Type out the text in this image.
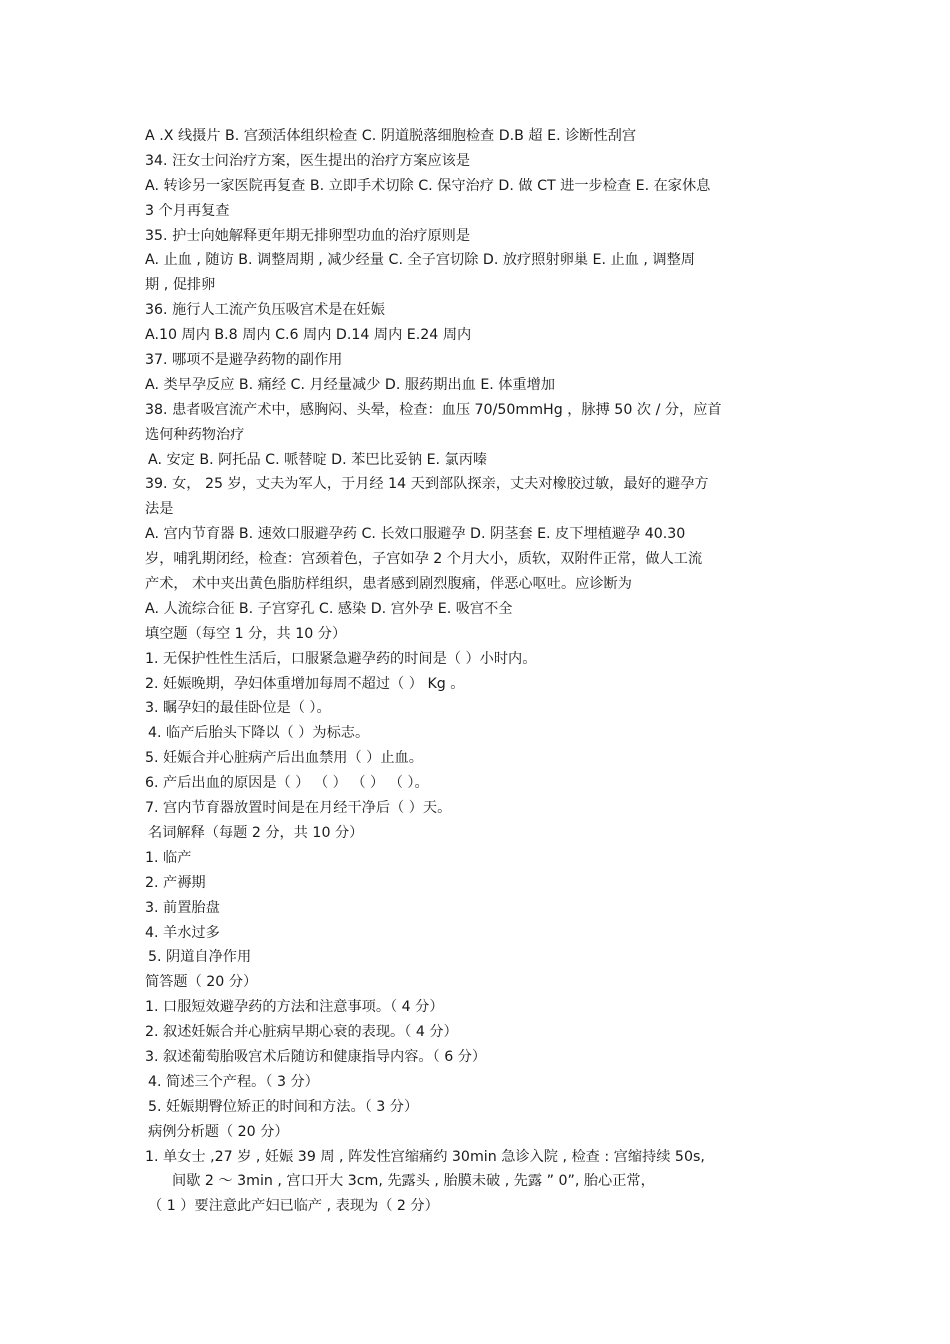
A .X 线摄片 B. 宫颈活体组织检查 C. 阴道脱落细胞检查 D.B 超 E. 诊断性刮宫
34. 汪女士问治疗方案，医生提出的治疗方案应该是
A. 转诊另一家医院再复查 B. 立即手术切除 C. 保守治疗 D. 做 CT 进一步检查 E. 在家休息
3 个月再复查
35. 护士向她解释更年期无排卵型功血的治疗原则是
A. 止血 , 随访 B. 调整周期 , 减少经量 C. 全子宫切除 D. 放疗照射卵巢 E. 止血 , 调整周
期 , 促排卵
36. 施行人工流产负压吸宫术是在妊娠
A.10 周内 B.8 周内 C.6 周内 D.14 周内 E.24 周内
37. 哪项不是避孕药物的副作用
A. 类早孕反应 B. 痛经 C. 月经量减少 D. 服药期出血 E. 体重增加
38. 患者吸宫流产术中，感胸闷、头晕，检查：血压 70/50mmHg ，脉搏 50 次 / 分，应首
选何种药物治疗
A. 安定 B. 阿托品 C. 哌替啶 D. 苯巴比妥钠 E. 氯丙嗪
39. 女， 25 岁，丈夫为军人，于月经 14 天到部队探亲，丈夫对橡胶过敏，最好的避孕方
法是
A. 宫内节育器 B. 速效口服避孕药 C. 长效口服避孕 D. 阴茎套 E. 皮下埋植避孕 40.30
岁，哺乳期闭经，检查：宫颈着色，子宫如孕 2 个月大小，质软，双附件正常，做人工流
产术， 术中夹出黄色脂肪样组织，患者感到剧烈腹痛，伴恶心呕吐。应诊断为
A. 人流综合征 B. 子宫穿孔 C. 感染 D. 宫外孕 E. 吸宫不全
填空题（每空 1 分，共 10 分）
1. 无保护性性生活后，口服紧急避孕药的时间是（ ）小时内。
2. 妊娠晚期，孕妇体重增加每周不超过（ ） Kg 。
3. 瞩孕妇的最佳卧位是（ ）。
4. 临产后胎头下降以（ ）为标志。
5. 妊娠合并心脏病产后出血禁用（ ）止血。
6. 产后出血的原因是（ ） （ ） （ ） （ ）。
7. 宫内节育器放置时间是在月经干净后（ ）天。
名词解释（每题 2 分，共 10 分）
1. 临产
2. 产褥期
3. 前置胎盘
4. 羊水过多
5. 阴道自净作用
简答题（ 20 分）
1. 口服短效避孕药的方法和注意事项。（ 4 分）
2. 叙述妊娠合并心脏病早期心衰的表现。（ 4 分）
3. 叙述葡萄胎吸宫术后随访和健康指导内容。（ 6 分）
4. 简述三个产程。（ 3 分）
5. 妊娠期臀位矫正的时间和方法。（ 3 分）
病例分析题（ 20 分）
1. 单女士 ,27 岁 , 妊娠 39 周 , 阵发性宫缩痛约 30min 急诊入院 , 检查 : 宫缩持续 50s,
间歇 2 ～ 3min , 宫口开大 3cm, 先露头 , 胎膜未破 , 先露 ” 0”, 胎心正常，
（ 1 ）要注意此产妇已临产 , 表现为（ 2 分）
